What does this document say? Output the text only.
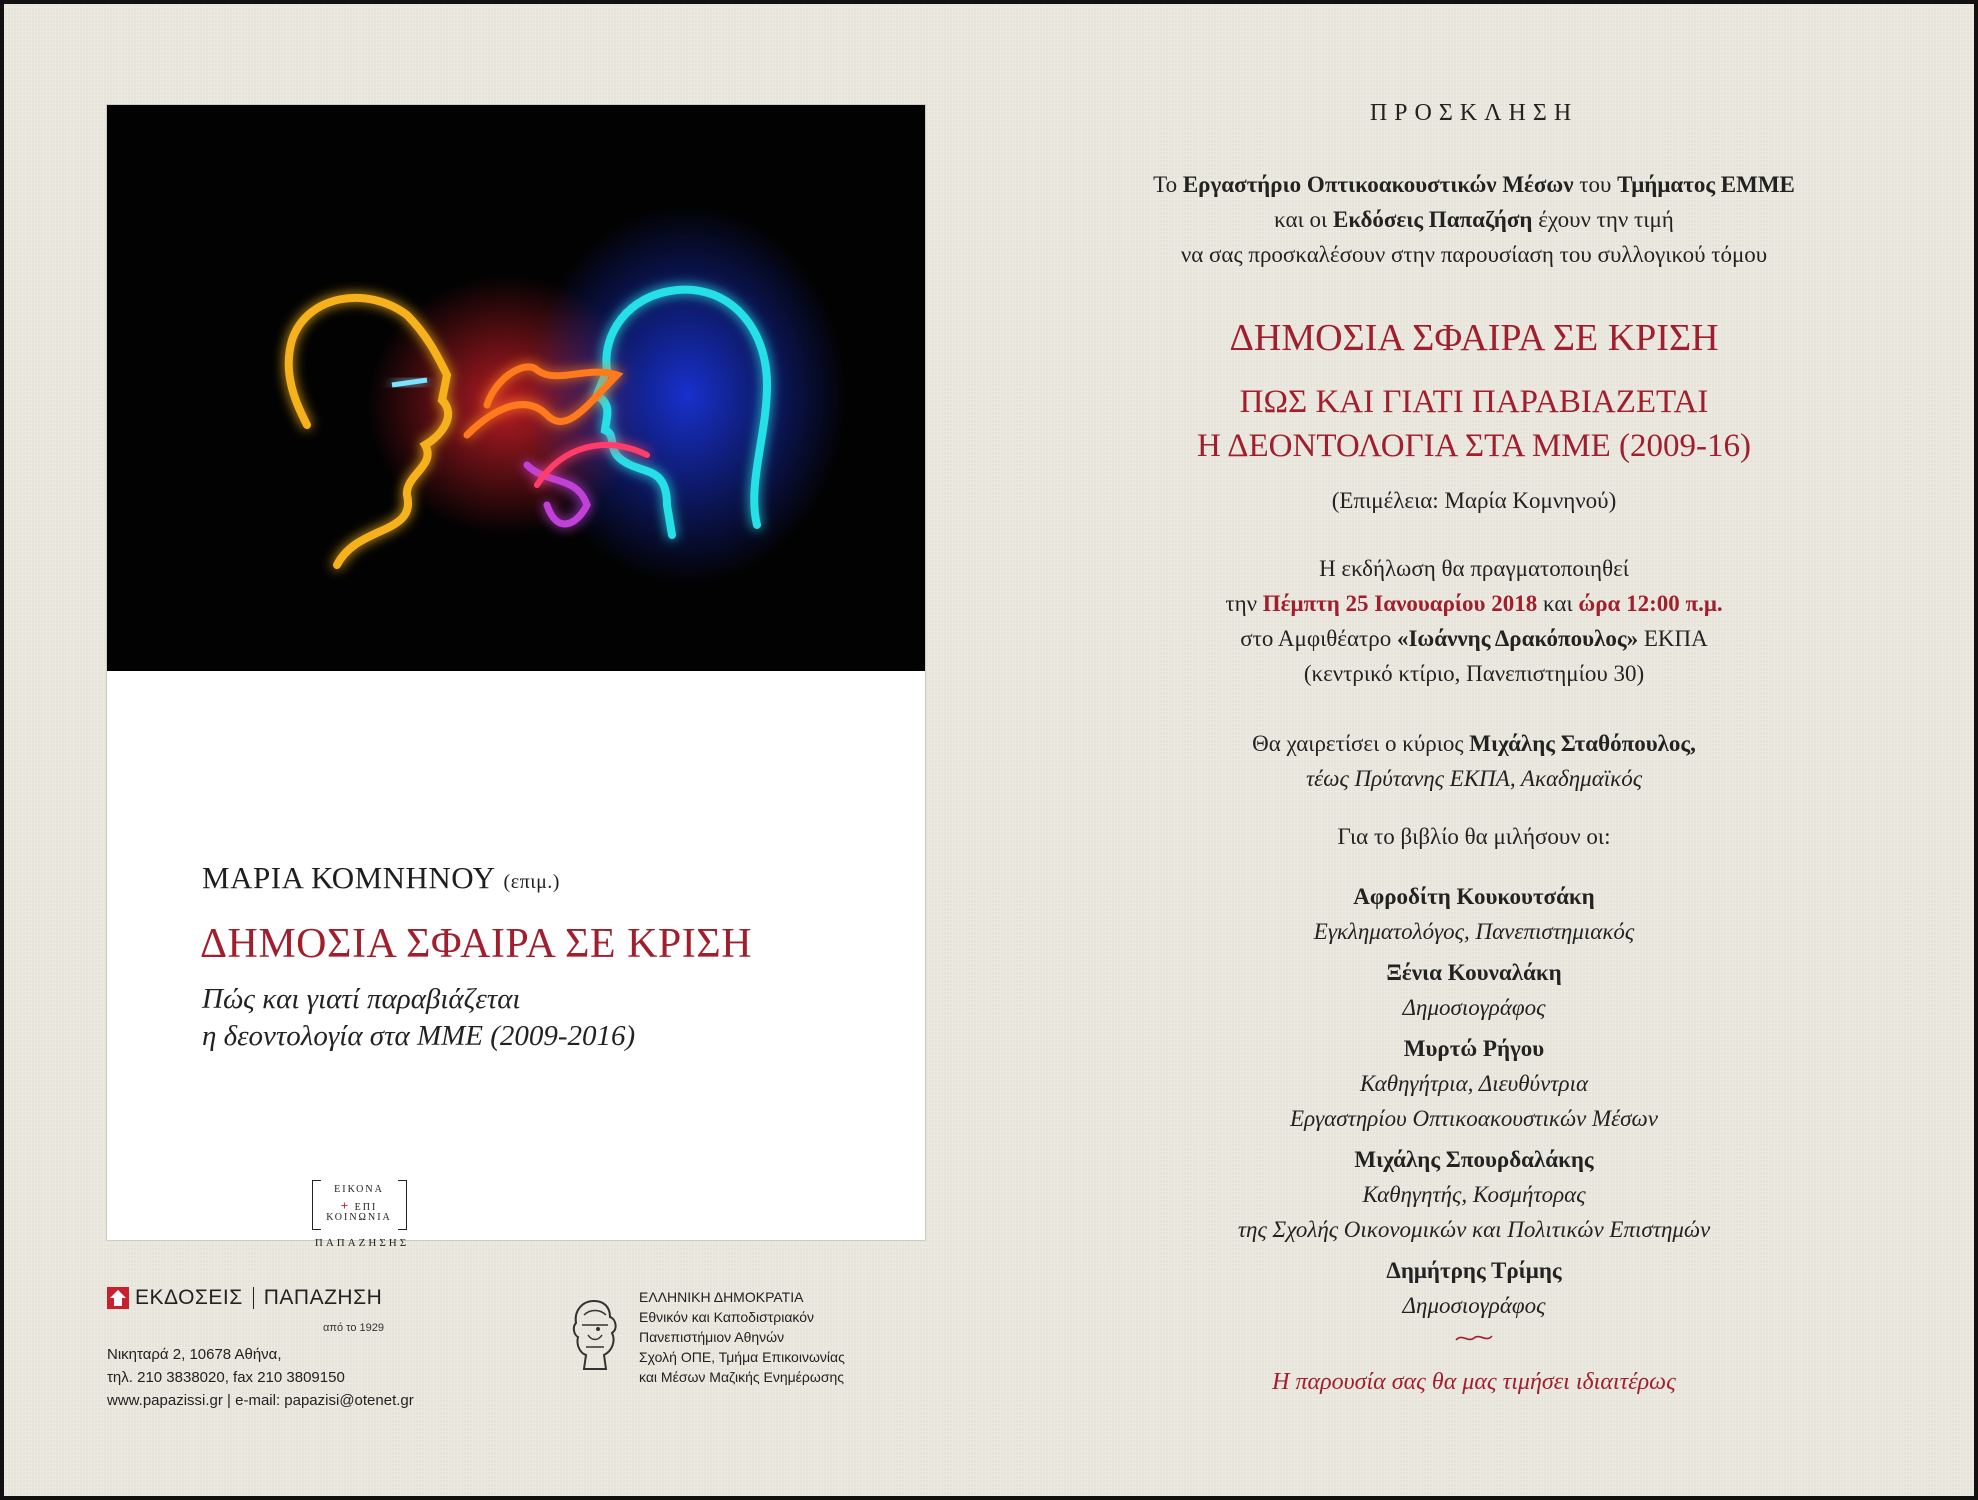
ΜΑΡΙΑ ΚΟΜΝΗΝΟΥ (επιμ.)
ΔΗΜΟΣΙΑ ΣΦΑΙΡΑ ΣΕ ΚΡΙΣΗ
Πώς και γιατί παραβιάζεται
η δεοντολογία στα ΜΜΕ (2009-2016)
ΕΙΚΟΝΑ
+ ΕΠΙ
ΚΟΙΝΩΝΙΑ
ΠΑΠΑΖΗΣΗΣ
ΕΚΔΟΣΕΙΣ ΠΑΠΑΖΗΣΗ
από το 1929
Νικηταρά 2, 10678 Αθήνα,
τηλ. 210 3838020, fax 210 3809150
www.papazissi.gr | e-mail: papazisi@otenet.gr
ΕΛΛΗΝΙΚΗ ΔΗΜΟΚΡΑΤΙΑ
Εθνικόν και Καποδιστριακόν
Πανεπιστήμιον Αθηνών
Σχολή ΟΠΕ, Τμήμα Επικοινωνίας
και Μέσων Μαζικής Ενημέρωσης
ΠΡΟΣΚΛΗΣΗ
Το Εργαστήριο Οπτικοακουστικών Μέσων του Τμήματος ΕΜΜΕ
και οι Εκδόσεις Παπαζήση έχουν την τιμή
να σας προσκαλέσουν στην παρουσίαση του συλλογικού τόμου
ΔΗΜΟΣΙΑ ΣΦΑΙΡΑ ΣΕ ΚΡΙΣΗ
ΠΩΣ ΚΑΙ ΓΙΑΤΙ ΠΑΡΑΒΙΑΖΕΤΑΙ
Η ΔΕΟΝΤΟΛΟΓΙΑ ΣΤΑ ΜΜΕ (2009-16)
(Επιμέλεια: Μαρία Κομνηνού)
Η εκδήλωση θα πραγματοποιηθεί
την Πέμπτη 25 Ιανουαρίου 2018 και ώρα 12:00 π.μ.
στο Αμφιθέατρο «Ιωάννης Δρακόπουλος» ΕΚΠΑ
(κεντρικό κτίριο, Πανεπιστημίου 30)
Θα χαιρετίσει ο κύριος Μιχάλης Σταθόπουλος,
τέως Πρύτανης ΕΚΠΑ, Ακαδημαϊκός
Για το βιβλίο θα μιλήσουν οι:
Αφροδίτη Κουκουτσάκη
Εγκληματολόγος, Πανεπιστημιακός
Ξένια Κουναλάκη
Δημοσιογράφος
Μυρτώ Ρήγου
Καθηγήτρια, Διευθύντρια
Εργαστηρίου Οπτικοακουστικών Μέσων
Μιχάλης Σπουρδαλάκης
Καθηγητής, Κοσμήτορας
της Σχολής Οικονομικών και Πολιτικών Επιστημών
Δημήτρης Τρίμης
Δημοσιογράφος
Η παρουσία σας θα μας τιμήσει ιδιαιτέρως
